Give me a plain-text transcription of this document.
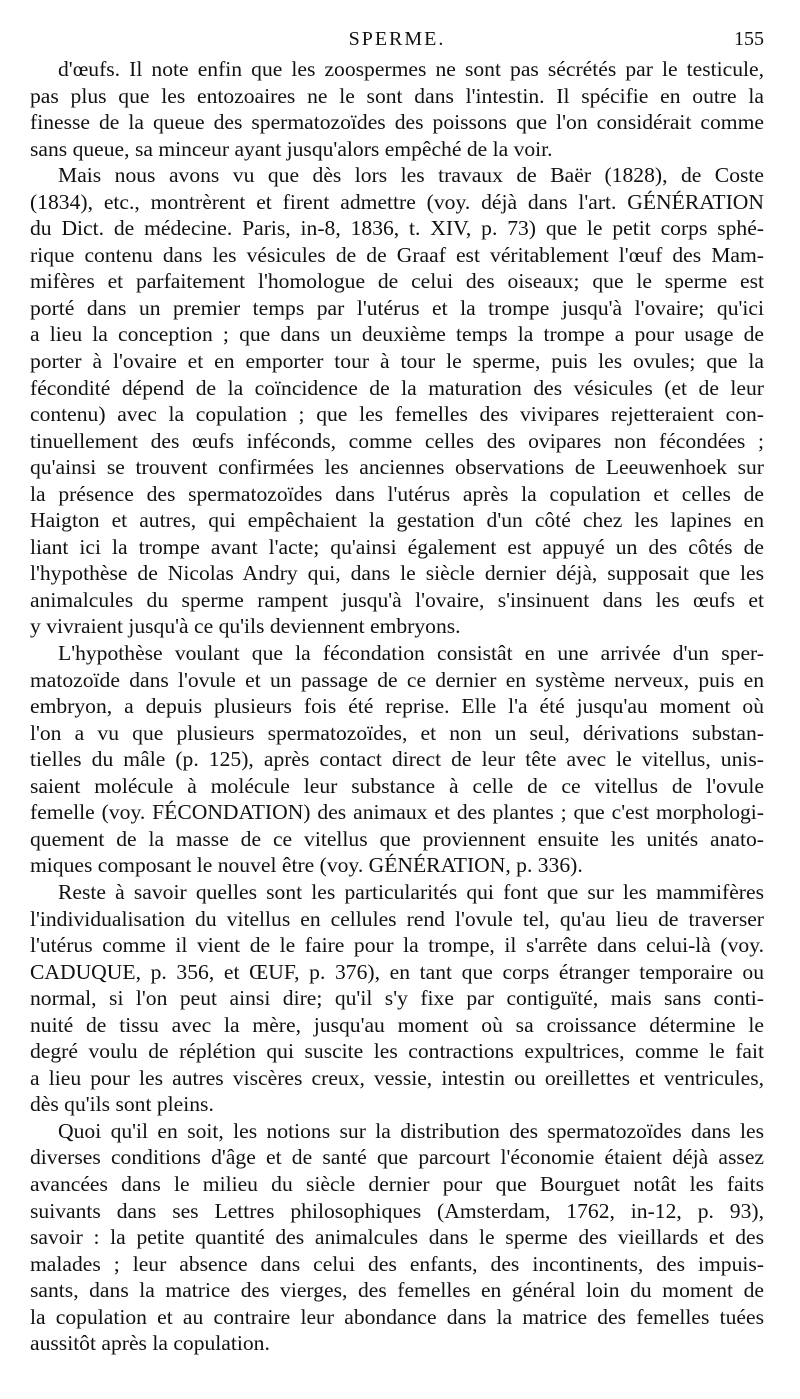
SPERME.	155

d'œufs. Il note enfin que les zoospermes ne sont pas sécrétés par le testicule,
pas plus que les entozoaires ne le sont dans l'intestin. Il spécifie en outre la
finesse de la queue des spermatozoïdes des poissons que l'on considérait comme
sans queue, sa minceur ayant jusqu'alors empêché de la voir.

Mais nous avons vu que dès lors les travaux de Baër (1828), de Coste
(1834), etc., montrèrent et firent admettre (voy. déjà dans l'art. GÉNÉRATION
du Dict. de médecine. Paris, in-8, 1836, t. XIV, p. 73) que le petit corps sphé-
rique contenu dans les vésicules de de Graaf est véritablement l'œuf des Mam-
mifères et parfaitement l'homologue de celui des oiseaux; que le sperme est
porté dans un premier temps par l'utérus et la trompe jusqu'à l'ovaire; qu'ici
a lieu la conception ; que dans un deuxième temps la trompe a pour usage de
porter à l'ovaire et en emporter tour à tour le sperme, puis les ovules; que la
fécondité dépend de la coïncidence de la maturation des vésicules (et de leur
contenu) avec la copulation ; que les femelles des vivipares rejetteraient con-
tinuellement des œufs inféconds, comme celles des ovipares non fécondées ;
qu'ainsi se trouvent confirmées les anciennes observations de Leeuwenhoek sur
la présence des spermatozoïdes dans l'utérus après la copulation et celles de
Haigton et autres, qui empêchaient la gestation d'un côté chez les lapines en
liant ici la trompe avant l'acte; qu'ainsi également est appuyé un des côtés de
l'hypothèse de Nicolas Andry qui, dans le siècle dernier déjà, supposait que les
animalcules du sperme rampent jusqu'à l'ovaire, s'insinuent dans les œufs et
y vivraient jusqu'à ce qu'ils deviennent embryons.

L'hypothèse voulant que la fécondation consistât en une arrivée d'un sper-
matozoïde dans l'ovule et un passage de ce dernier en système nerveux, puis en
embryon, a depuis plusieurs fois été reprise. Elle l'a été jusqu'au moment où
l'on a vu que plusieurs spermatozoïdes, et non un seul, dérivations substan-
tielles du mâle (p. 125), après contact direct de leur tête avec le vitellus, unis-
saient molécule à molécule leur substance à celle de ce vitellus de l'ovule
femelle (voy. FÉCONDATION) des animaux et des plantes ; que c'est morphologi-
quement de la masse de ce vitellus que proviennent ensuite les unités anato-
miques composant le nouvel être (voy. GÉNÉRATION, p. 336).

Reste à savoir quelles sont les particularités qui font que sur les mammifères
l'individualisation du vitellus en cellules rend l'ovule tel, qu'au lieu de traverser
l'utérus comme il vient de le faire pour la trompe, il s'arrête dans celui-là (voy.
CADUQUE, p. 356, et ŒUF, p. 376), en tant que corps étranger temporaire ou
normal, si l'on peut ainsi dire; qu'il s'y fixe par contiguïté, mais sans conti-
nuité de tissu avec la mère, jusqu'au moment où sa croissance détermine le
degré voulu de réplétion qui suscite les contractions expultrices, comme le fait
a lieu pour les autres viscères creux, vessie, intestin ou oreillettes et ventricules,
dès qu'ils sont pleins.

Quoi qu'il en soit, les notions sur la distribution des spermatozoïdes dans les
diverses conditions d'âge et de santé que parcourt l'économie étaient déjà assez
avancées dans le milieu du siècle dernier pour que Bourguet notât les faits
suivants dans ses Lettres philosophiques (Amsterdam, 1762, in-12, p. 93),
savoir : la petite quantité des animalcules dans le sperme des vieillards et des
malades ; leur absence dans celui des enfants, des incontinents, des impuis-
sants, dans la matrice des vierges, des femelles en général loin du moment de
la copulation et au contraire leur abondance dans la matrice des femelles tuées
aussitôt après la copulation.
